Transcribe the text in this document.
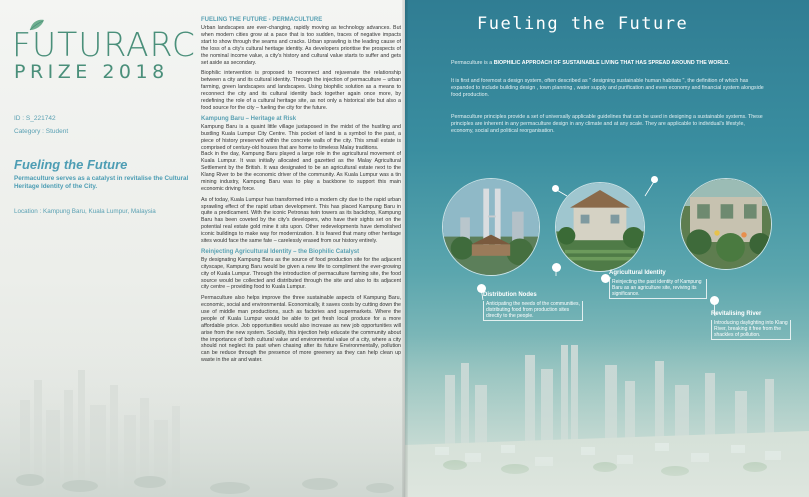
FUTURARC
PRIZE 2018
ID : S_221742
Category : Student
Fueling the Future
Permaculture serves as a catalyst in revitalise the Cultural Heritage Identity of the City.
Location : Kampung Baru, Kuala Lumpur, Malaysia
FUELING THE FUTURE - PERMACULTURE

Urban landscapes are ever-changing, rapidly moving as technology advances. But when modern cities grow at a pace that is too sudden, traces of negative impacts start to show through the seams and cracks. Urban sprawling is the leading cause of the loss of a city's cultural heritage identity. As developers prioritise the prospects of the nominal income value, a city's history and cultural value starts to suffer and gets set aside as secondary.

Biophilic intervention is proposed to reconnect and rejuvenate the relationship between a city and its cultural identity. Through the injection of permaculture – urban farming, green landscapes and landscapes. Using biophilic solution as a means to reconnect the city and its cultural identity back together again once more, by redefining the role of a cultural heritage site, as not only a historical site but also a food source for the city – fueling the city for the future.

Kampung Baru – Heritage at Risk

Kampung Baru is a quaint little village juxtaposed in the midst of the hustling and bustling Kuala Lumpur City Centre. This pocket of land is a symbol to the past, a piece of history preserved within the concrete walls of the city. This small estate is comprised of century-old houses that are home to timeless Malay traditions.

Back in the day, Kampung Baru played a large role in the agricultural movement of Kuala Lumpur. It was initially allocated and gazetted as the Malay Agricultural Settlement by the British. It was designated to be an agricultural estate next to the Klang River to be the economic driver of the community. As Kuala Lumpur was a tin mining industry, Kampung Baru was to play a backbone to support this main economic driving force.

As of today, Kuala Lumpur has transformed into a modern city due to the rapid urban sprawling effect of the rapid urban development. This has placed Kampung Baru in quite a predicament. With the iconic Petronas twin towers as its backdrop, Kampung Baru has been coveted by the city's developers, who have their sights set on the potential real estate gold mine it sits upon. Other redevelopments have demolished iconic buildings to make way for modernization. It is feared that many other heritage sites would face the same fate – carelessly erased from our history entirely.

Reinjecting Agricultural Identity – the Biophilic Catalyst

By designating Kampung Baru as the source of food production site for the adjacent cityscape, Kampung Baru would be given a new life to compliment the ever-growing city of Kuala Lumpur. Through the introduction of permaculture farming site, the food source would be collected and distributed through the site and also to its adjacent city centre – providing food to Kuala Lumpur.

Permaculture also helps improve the three sustainable aspects of Kampung Baru, economic, social and environmental. Economically, it saves costs by cutting down the use of middle man productions, such as factories and supermarkets. Where the people of Kuala Lumpur would be able to get fresh local produce for a more affordable price. Job opportunities would also increase as new job opportunities will arise from the new system. Socially, this injection help educate the community about the importance of both cultural value and environmental value of a city, where a city should not neglect its past when chasing after its future Environmentally, pollution can be reduce through the presence of more greenery as they can help clean up waste in the air and water.

Fueling the Future
Permaculture is a BIOPHILIC APPROACH OF SUSTAINABLE LIVING THAT HAS SPREAD AROUND THE WORLD.
It is first and foremost a design system, often described as " designing sustainable human habitats ", the definition of which has expanded to include building design , town planning , water supply and purification and even economy and financial system alongside food production.
Permaculture principles provide a set of universally applicable guidelines that can be used in designing a sustainable systems. These principles are inherent in any permaculture design in any climate and at any scale. They are applicable to individual's lifestyle, economy, social and political reorganisation.
Distribution Nodes
Anticipating the needs of the communities, distributing food from production sites directly to the people.
Agricultural Identity
Reinjecting the past identity of Kampung Baru as an agriculture site, reviving its significance.
Revitalising River
Introducing daylighting into Klang River, breaking it free from the
